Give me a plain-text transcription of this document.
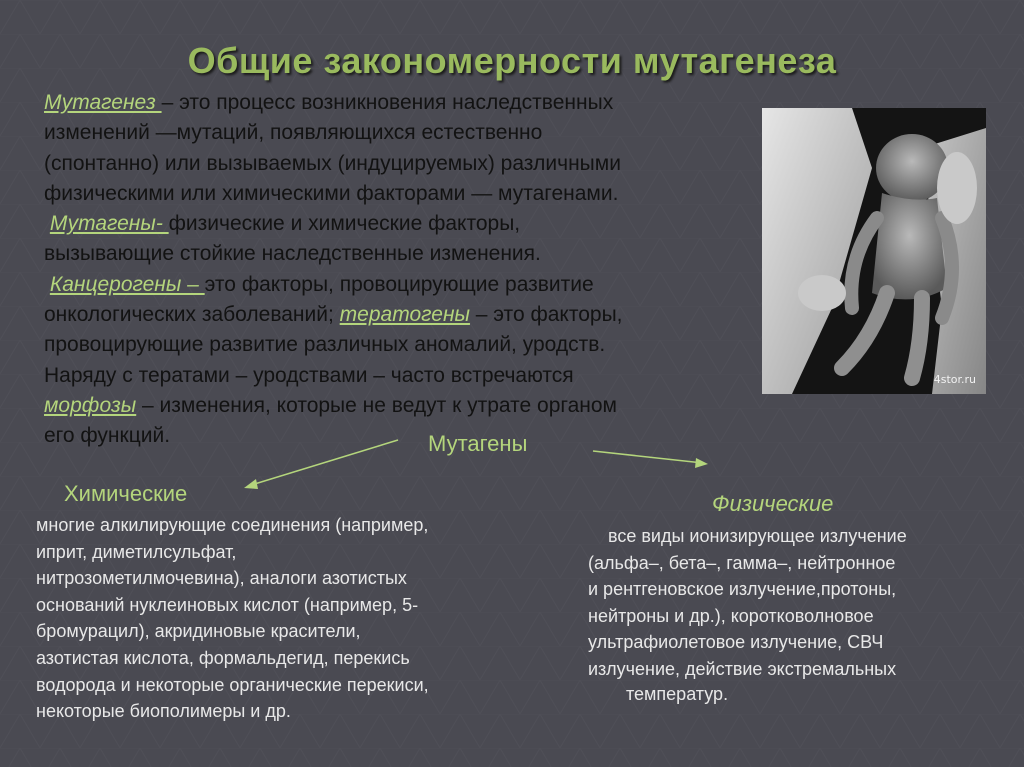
Общие закономерности мутагенеза

Мутагенез – это процесс возникновения наследственных
изменений —мутаций, появляющихся естественно
(спонтанно) или вызываемых (индуцируемых) различными
физическими или химическими факторами — мутагенами.

Мутагены- физические и химические факторы,
вызывающие стойкие наследственные изменения.

Канцерогены – это факторы, провоцирующие развитие
онкологических заболеваний; тератогены – это факторы,
провоцирующие развитие различных аномалий, уродств.
Наряду с тератами – уродствами – часто встречаются
морфозы – изменения, которые не ведут к утрате органом
его функций.

4stor.ru
Мутагены
Химические
многие алкилирующие соединения (например,
иприт, диметилсульфат,
нитрозометилмочевина), аналоги азотистых
оснований нуклеиновых кислот (например, 5-
бромурацил), акридиновые красители,
азотистая кислота, формальдегид, перекись
водорода и некоторые органические перекиси,
некоторые биополимеры и др.
Физические
все виды ионизирующее излучение
(альфа–, бета–, гамма–, нейтронное
и рентгеновское излучение,протоны,
нейтроны и др.), коротковолновое
ультрафиолетовое излучение, СВЧ
излучение, действие экстремальных
температур.
